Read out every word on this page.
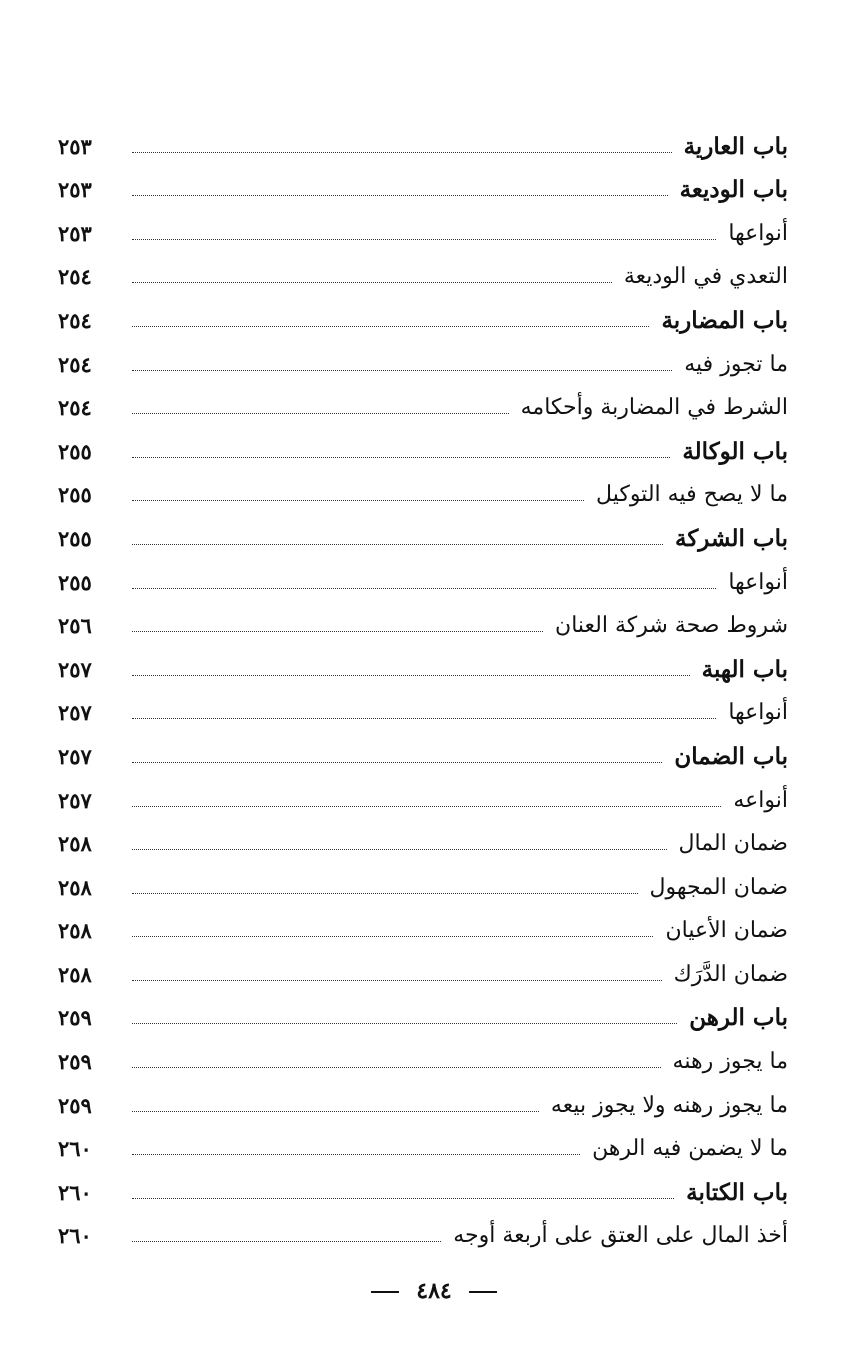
باب العارية
٢٥٣
باب الوديعة
٢٥٣
أنواعها
٢٥٣
التعدي في الوديعة
٢٥٤
باب المضاربة
٢٥٤
ما تجوز فيه
٢٥٤
الشرط في المضاربة وأحكامه
٢٥٤
باب الوكالة
٢٥٥
ما لا يصح فيه التوكيل
٢٥٥
باب الشركة
٢٥٥
أنواعها
٢٥٥
شروط صحة شركة العنان
٢٥٦
باب الهبة
٢٥٧
أنواعها
٢٥٧
باب الضمان
٢٥٧
أنواعه
٢٥٧
ضمان المال
٢٥٨
ضمان المجهول
٢٥٨
ضمان الأعيان
٢٥٨
ضمان الدَّرَك
٢٥٨
باب الرهن
٢٥٩
ما يجوز رهنه
٢٥٩
ما يجوز رهنه ولا يجوز بيعه
٢٥٩
ما لا يضمن فيه الرهن
٢٦٠
باب الكتابة
٢٦٠
أخذ المال على العتق على أربعة أوجه
٢٦٠
٤٨٤
